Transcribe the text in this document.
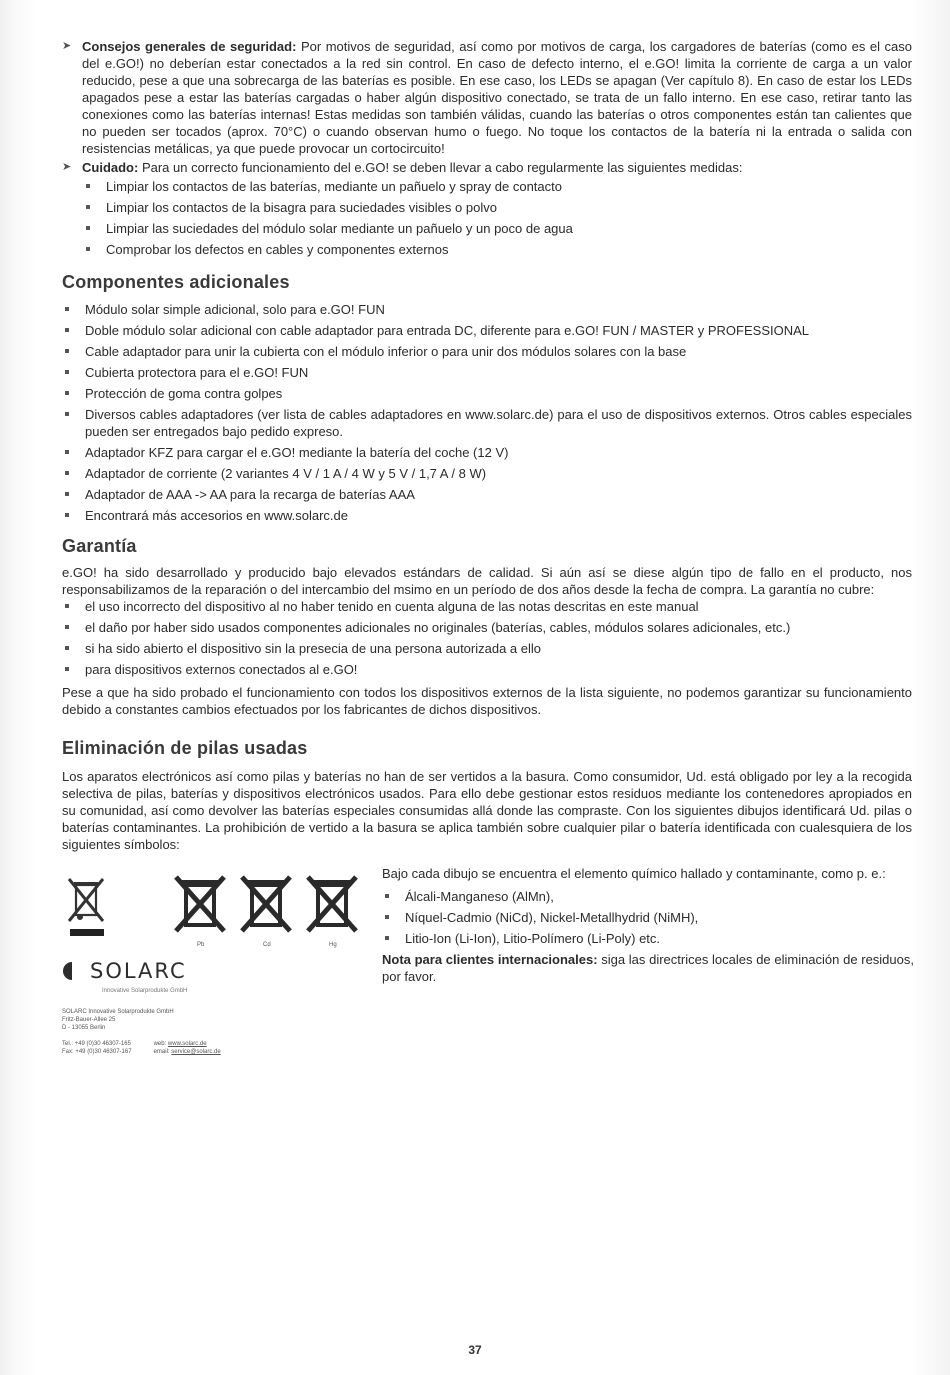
➤ Consejos generales de seguridad: Por motivos de seguridad, así como por motivos de carga, los cargadores de baterías (como es el caso del e.GO!) no deberían estar conectados a la red sin control. En caso de defecto interno, el e.GO! limita la corriente de carga a un valor reducido, pese a que una sobrecarga de las baterías es posible. En ese caso, los LEDs se apagan (Ver capítulo 8). En caso de estar los LEDs apagados pese a estar las baterías cargadas o haber algún dispositivo conectado, se trata de un fallo interno. En ese caso, retirar tanto las conexiones como las baterías internas! Estas medidas son también válidas, cuando las baterías o otros componentes están tan calientes que no pueden ser tocados (aprox. 70°C) o cuando observan humo o fuego. No toque los contactos de la batería ni la entrada o salida con resistencias metálicas, ya que puede provocar un cortocircuito!
➤ Cuidado: Para un correcto funcionamiento del e.GO! se deben llevar a cabo regularmente las siguientes medidas:
Limpiar los contactos de las baterías, mediante un pañuelo y spray de contacto
Limpiar los contactos de la bisagra para suciedades visibles o polvo
Limpiar las suciedades del módulo solar mediante un pañuelo y un poco de agua
Comprobar los defectos en cables y componentes externos
Componentes adicionales
Módulo solar simple adicional, solo para e.GO! FUN
Doble módulo solar adicional con cable adaptador para entrada DC, diferente para e.GO! FUN / MASTER y PROFESSIONAL
Cable adaptador para unir la cubierta con el módulo inferior o para unir dos módulos solares con la base
Cubierta protectora para el e.GO! FUN
Protección de goma contra golpes
Diversos cables adaptadores (ver lista de cables adaptadores en www.solarc.de) para el uso de dispositivos externos. Otros cables especiales pueden ser entregados bajo pedido expreso.
Adaptador KFZ para cargar el e.GO! mediante la batería del coche (12 V)
Adaptador de corriente (2 variantes 4 V / 1 A / 4 W y 5 V / 1,7 A / 8 W)
Adaptador de AAA -> AA para la recarga de baterías AAA
Encontrará más accesorios en www.solarc.de
Garantía

e.GO! ha sido desarrollado y producido bajo elevados estándars de calidad. Si aún así se diese algún tipo de fallo en el producto, nos responsabilizamos de la reparación o del intercambio del msimo en un período de dos años desde la fecha de compra. La garantía no cubre:

el uso incorrecto del dispositivo al no haber tenido en cuenta alguna de las notas descritas en este manual
el daño por haber sido usados componentes adicionales no originales (baterías, cables, módulos solares adicionales, etc.)
si ha sido abierto el dispositivo sin la presecia de una persona autorizada a ello
para dispositivos externos conectados al e.GO!

Pese a que ha sido probado el funcionamiento con todos los dispositivos externos de la lista siguiente, no podemos garantizar su funcionamiento debido a constantes cambios efectuados por los fabricantes de dichos dispositivos.

Eliminación de pilas usadas

Los aparatos electrónicos así como pilas y baterías no han de ser vertidos a la basura. Como consumidor, Ud. está obligado por ley a la recogida selectiva de pilas, baterías y dispositivos electrónicos usados. Para ello debe gestionar estos residuos mediante los contenedores apropiados en su comunidad, así como devolver las baterías especiales consumidas allá donde las compraste. Con los siguientes dibujos identificará Ud. pilas o baterías contaminantes. La prohibición de vertido a la basura se aplica también sobre cualquier pilar o batería identificada con cualesquiera de los siguientes símbolos:

Pb	Cd	Hg
SOLARC
Innovative Solarprodukte GmbH
SOLARC Innovative Solarprodukte GmbH
Fritz-Bauer-Allee 25
D - 13055 Berlin
Tel.: +49 (0)30 46307-165
Fax: +49 (0)30 46307-167
web: www.solarc.de
email: service@solarc.de

Bajo cada dibujo se encuentra el elemento químico hallado y contaminante, como p. e.:

Álcali-Manganeso (AlMn),
Níquel-Cadmio (NiCd), Nickel-Metallhydrid (NiMH),
Litio-Ion (Li-Ion), Litio-Polímero (Li-Poly) etc.

Nota para clientes internacionales: siga las directrices locales de eliminación de residuos, por favor.

37
